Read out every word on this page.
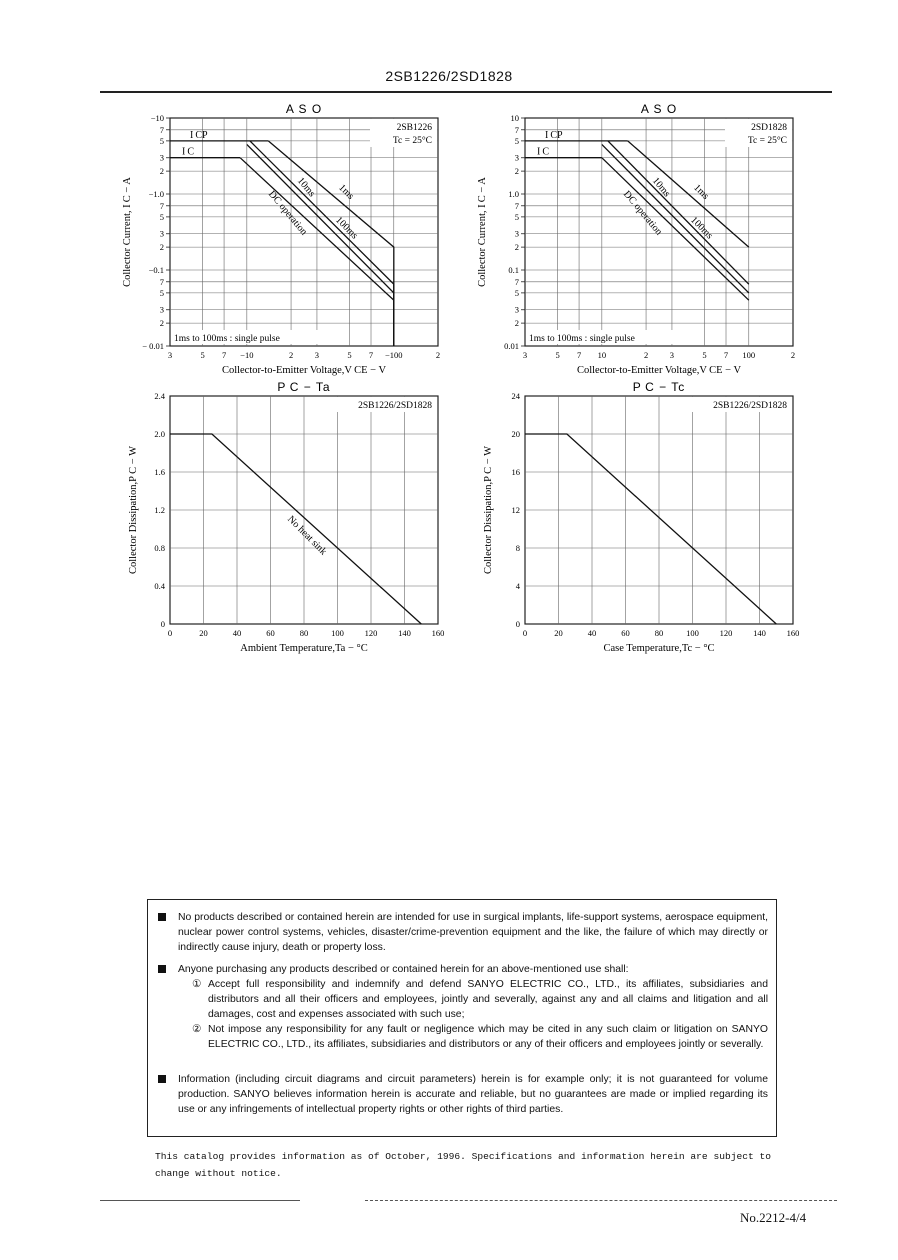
2SB1226/2SD1828
−10
7
5
3
2
−1.0
7
5
3
2
−0.1
7
5
3
2
− 0.01
3	5 7 −10	2	3	5 7 −100	2
A S O
2SB1226
Tc = 25°C
Collector-to-Emitter Voltage,V CE − V
Collector Current, I C − A
I CP
I C
1ms
10ms
100ms
DC operation
1ms to 100ms : single pulse
10
7
5
3
2
1.0
7
5
3
2
0.1
7
5
3
2
0.01
3	5 7 10	2	3	5 7 100	2
A S O
2SD1828
Tc = 25°C
Collector-to-Emitter Voltage,V CE − V
Collector Current, I C − A
I CP
I C
1ms
10ms
100ms
DC operation
1ms to 100ms : single pulse
2.4
2.0
1.6
1.2
0.8
0.4
0
0	20	40	60	80	100 120 140 160
P C − Ta
2SB1226/2SD1828
Ambient Temperature,Ta − °C
Collector Dissipation,P C − W	No heat sink
24
20
16
12
8
4
0
0	20	40	60	80	100 120 140 160
P C − Tc
2SB1226/2SD1828
Case Temperature,Tc − °C
Collector Dissipation,P C − W

No products described or contained herein are intended for use in surgical implants, life-support systems, aerospace equipment, nuclear power control systems, vehicles, disaster/crime-prevention equipment and the like, the failure of which may directly or indirectly cause injury, death or property loss.

Anyone purchasing any products described or contained herein for an above-mentioned use shall:

① Accept full responsibility and indemnify and defend SANYO ELECTRIC CO., LTD., its affiliates, subsidiaries and distributors and all their officers and employees, jointly and severally, against any and all claims and litigation and all damages, cost and expenses associated with such use;

② Not impose any responsibility for any fault or negligence which may be cited in any such claim or litigation on SANYO ELECTRIC CO., LTD., its affiliates, subsidiaries and distributors or any of their officers and employees jointly or severally.

Information (including circuit diagrams and circuit parameters) herein is for example only; it is not guaranteed for volume production. SANYO believes information herein is accurate and reliable, but no guarantees are made or implied regarding its use or any infringements of intellectual property rights or other rights of third parties.

This catalog provides information as of October, 1996. Specifications and information herein are subject to change without notice.
No.2212-4/4
